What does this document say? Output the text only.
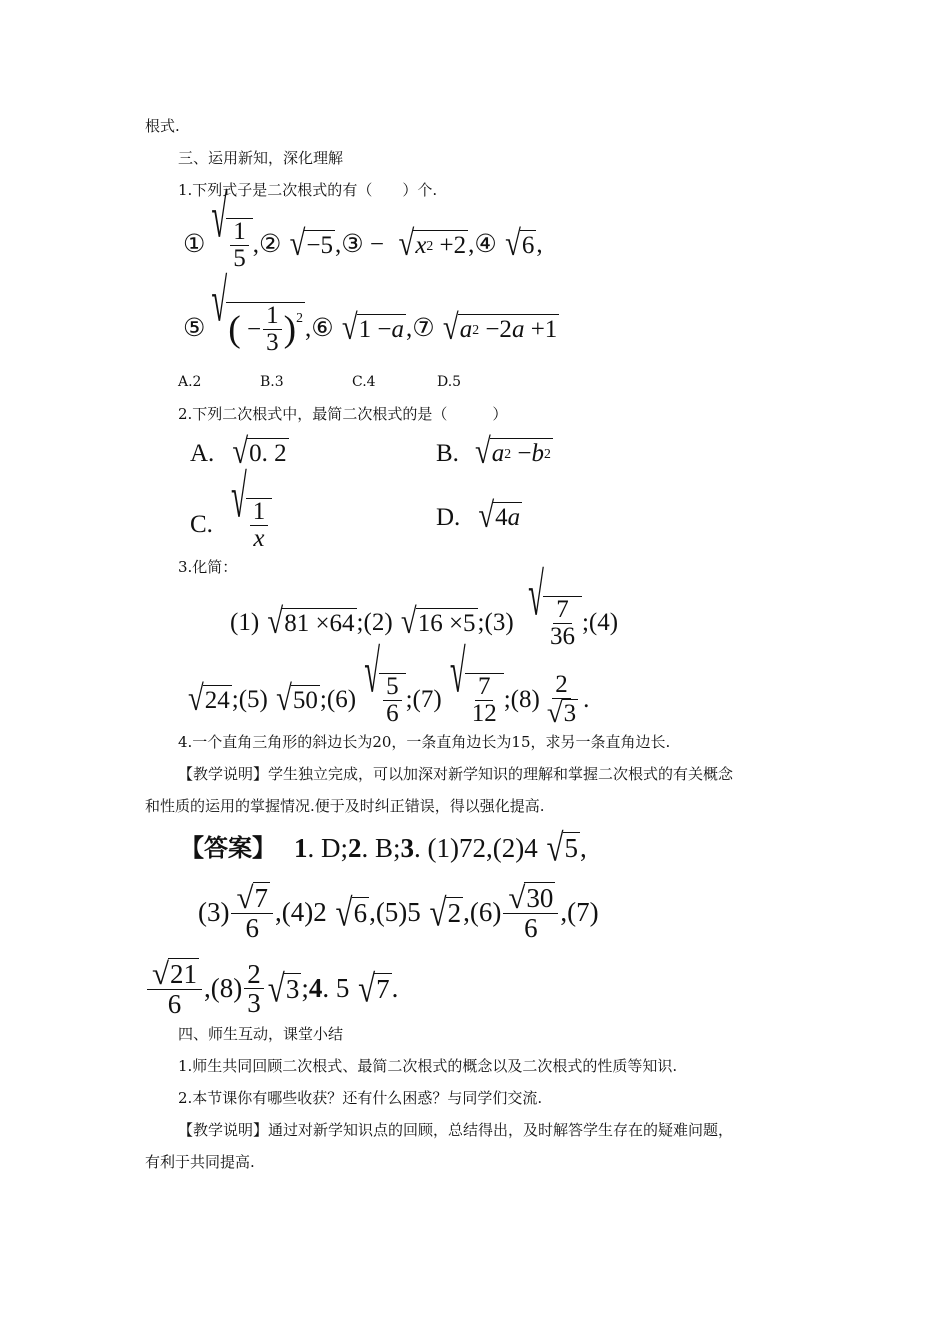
根式.
三、运用新知，深化理解
1.下列式子是二次根式的有（　　）个.
① √ 1
5
,② √ −5 ,③ − √ x 2 +2 ,④ √ 6 ,
⑤ √ ( −
1
3 )$^2$ ,⑥ √ 1 − a ,⑦ √ a 2 −2 a +1
A.2	B.3	C.4	D.5
2.下列二次根式中，最简二次根式的是（　　　）
A. √ 0. 2	B. √ a 2 − b 2
C. √ 1
x
D. √ 4 a
3.化简：
(1) √ 81 ×64 ;(2) √ 16 ×5 ;(3) √ 7
36
;(4)
√ 24 ;(5) √ 50 ;(6) √ 5
6
;(7) √ 7
12
;(8)
2
√ 3
.
4.一个直角三角形的斜边长为20，一条直角边长为15，求另一条直角边长.
【教学说明】学生独立完成，可以加深对新学知识的理解和掌握二次根式的有关概念
和性质的运用的掌握情况.便于及时纠正错误，得以强化提高.
【答案】 1 . D; 2 . B; 3 . (1)72,(2)4 √ 5 ,
(3) √ 7
6
,(4)2 √ 6 ,(5)5 √ 2 ,(6) √ 30
6
,(7)
√ 21
6
,(8) 2
3 √ 3 ; 4 . 5 √ 7 .
四、师生互动，课堂小结
1.师生共同回顾二次根式、最简二次根式的概念以及二次根式的性质等知识.
2.本节课你有哪些收获？还有什么困惑？与同学们交流.
【教学说明】通过对新学知识点的回顾，总结得出，及时解答学生存在的疑难问题，
有利于共同提高.
